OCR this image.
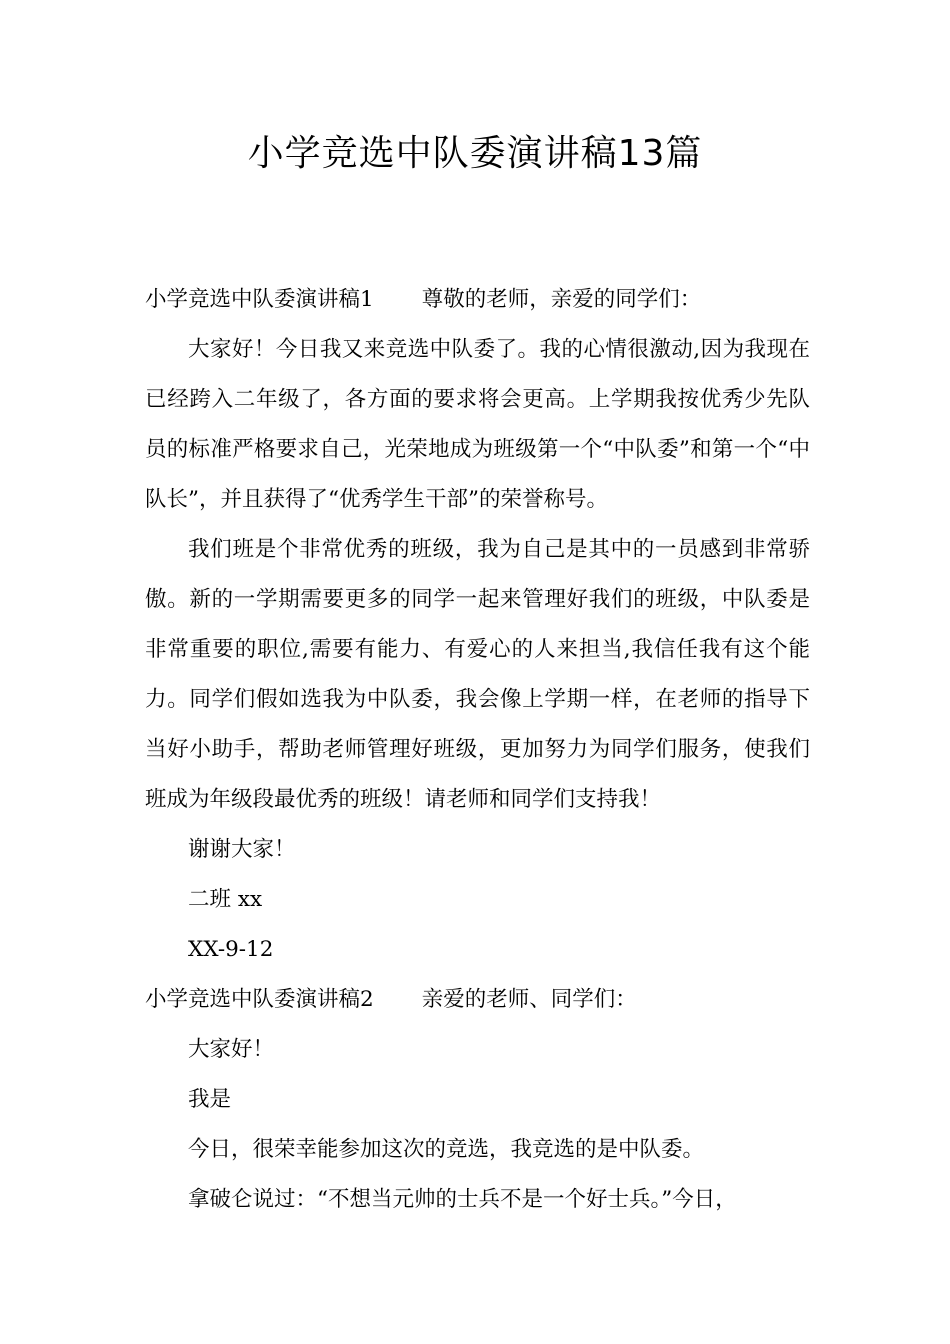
小学竞选中队委演讲稿13篇

小学竞选中队委演讲稿1 尊敬的老师，亲爱的同学们：

大家好！今日我又来竞选中队委了。我的心情很激动,因为我现在已经跨入二年级了，各方面的要求将会更高。上学期我按优秀少先队员的标准严格要求自己，光荣地成为班级第一个“中队委”和第一个“中队长”，并且获得了“优秀学生干部”的荣誉称号。

我们班是个非常优秀的班级，我为自己是其中的一员感到非常骄傲。新的一学期需要更多的同学一起来管理好我们的班级，中队委是非常重要的职位,需要有能力、有爱心的人来担当,我信任我有这个能力。同学们假如选我为中队委，我会像上学期一样，在老师的指导下当好小助手，帮助老师管理好班级，更加努力为同学们服务，使我们班成为年级段最优秀的班级！请老师和同学们支持我！

谢谢大家！

二班 xx

XX-9-12

小学竞选中队委演讲稿2 亲爱的老师、同学们：

大家好！

我是

今日，很荣幸能参加这次的竞选，我竞选的是中队委。

拿破仑说过：“不想当元帅的士兵不是一个好士兵。”今日，
